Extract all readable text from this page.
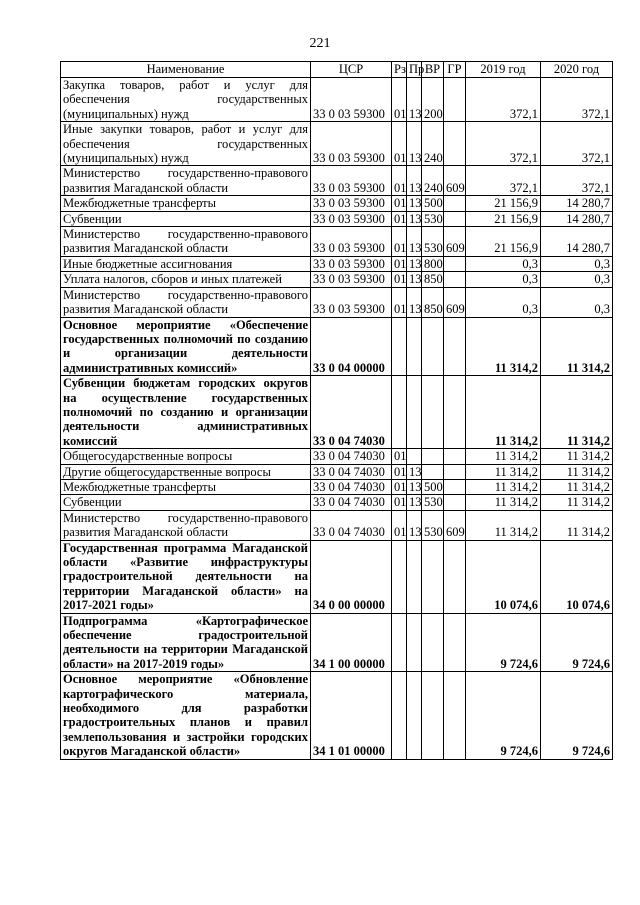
221
Наименование	ЦСР	Рз	Пр	ВР	ГР	2019 год	2020 год
Закупка товаров, работ и услуг для обеспечения государственных (муниципальных) нужд	33 0 03 59300	01	13	200		372,1	372,1
Иные закупки товаров, работ и услуг для обеспечения государственных (муниципальных) нужд	33 0 03 59300	01	13	240		372,1	372,1
Министерство государственно-правового развития Магаданской области	33 0 03 59300	01	13	240	609	372,1	372,1
Межбюджетные трансферты	33 0 03 59300	01	13	500		21 156,9	14 280,7
Субвенции	33 0 03 59300	01	13	530		21 156,9	14 280,7
Министерство государственно-правового развития Магаданской области	33 0 03 59300	01	13	530	609	21 156,9	14 280,7
Иные бюджетные ассигнования	33 0 03 59300	01	13	800		0,3	0,3
Уплата налогов, сборов и иных платежей	33 0 03 59300	01	13	850		0,3	0,3
Министерство государственно-правового развития Магаданской области	33 0 03 59300	01	13	850	609	0,3	0,3
Основное мероприятие «Обеспечение государственных полномочий по созданию и организации деятельности административных комиссий»	33 0 04 00000					11 314,2	11 314,2
Субвенции бюджетам городских округов на осуществление государственных полномочий по созданию и организации деятельности административных комиссий	33 0 04 74030					11 314,2	11 314,2
Общегосударственные вопросы	33 0 04 74030	01				11 314,2	11 314,2
Другие общегосударственные вопросы	33 0 04 74030	01	13			11 314,2	11 314,2
Межбюджетные трансферты	33 0 04 74030	01	13	500		11 314,2	11 314,2
Субвенции	33 0 04 74030	01	13	530		11 314,2	11 314,2
Министерство государственно-правового развития Магаданской области	33 0 04 74030	01	13	530	609	11 314,2	11 314,2
Государственная программа Магаданской области «Развитие инфраструктуры градостроительной деятельности на территории Магаданской области» на 2017-2021 годы»	34 0 00 00000					10 074,6	10 074,6
Подпрограмма «Картографическое обеспечение градостроительной деятельности на территории Магаданской области» на 2017-2019 годы»	34 1 00 00000					9 724,6	9 724,6
Основное мероприятие «Обновление картографического материала, необходимого для разработки градостроительных планов и правил землепользования и застройки городских округов Магаданской области»	34 1 01 00000					9 724,6	9 724,6
